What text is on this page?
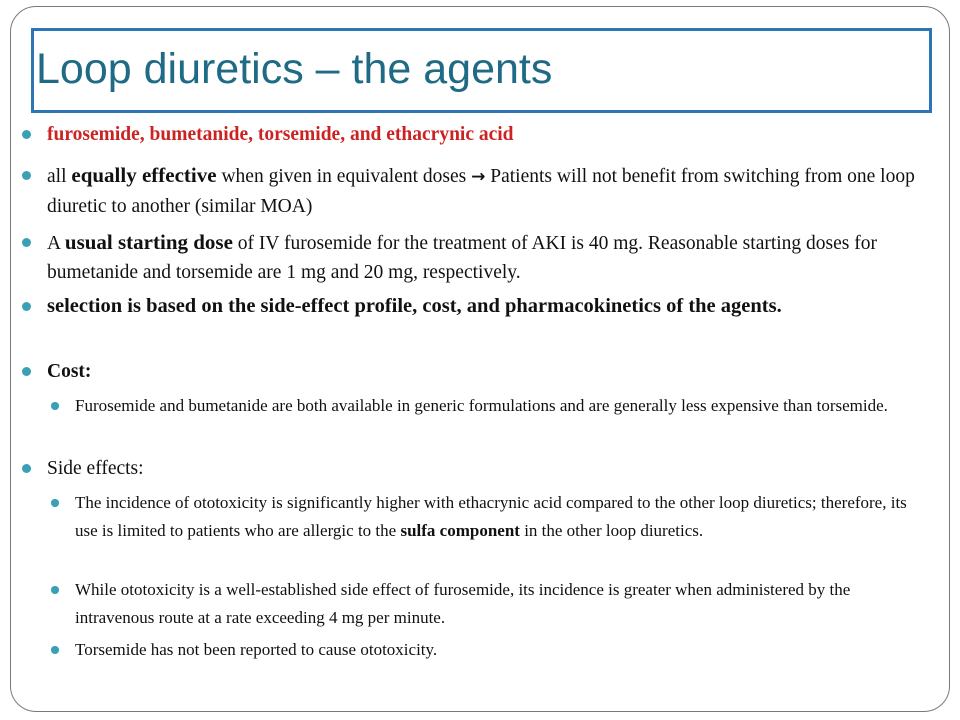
Loop diuretics – the agents

furosemide, bumetanide, torsemide, and ethacrynic acid

all equally effective when given in equivalent doses → Patients will not benefit from switching from one loop diuretic to another (similar MOA)

A usual starting dose of IV furosemide for the treatment of AKI is 40 mg. Reasonable starting doses for bumetanide and torsemide are 1 mg and 20 mg, respectively.

selection is based on the side-effect profile, cost, and pharmacokinetics of the agents.

Cost:

Furosemide and bumetanide are both available in generic formulations and are generally less expensive than torsemide.

Side effects:

The incidence of ototoxicity is significantly higher with ethacrynic acid compared to the other loop diuretics; therefore, its use is limited to patients who are allergic to the sulfa component in the other loop diuretics.

While ototoxicity is a well-established side effect of furosemide, its incidence is greater when administered by the intravenous route at a rate exceeding 4 mg per minute.

Torsemide has not been reported to cause ototoxicity.
